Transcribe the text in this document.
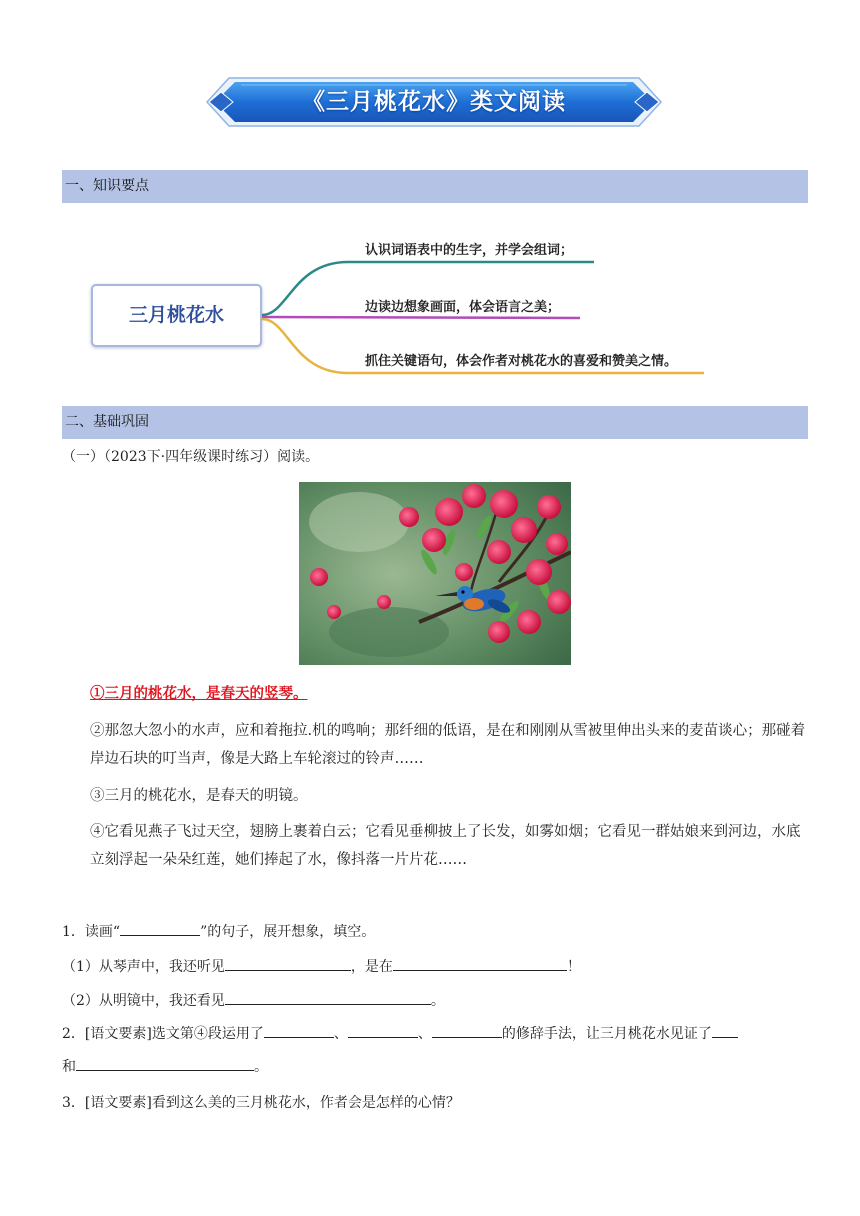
《三月桃花水》类文阅读
一、知识要点
三月桃花水
认识词语表中的生字，并学会组词；
边读边想象画面，体会语言之美；
抓住关键语句，体会作者对桃花水的喜爱和赞美之情。
二、基础巩固
（一）（2023下·四年级课时练习）阅读。
①三月的桃花水，是春天的竖琴。
②那忽大忽小的水声，应和着拖拉.机的鸣响；那纤细的低语，是在和刚刚从雪被里伸出头来的麦苗谈心；那碰着岸边石块的叮当声，像是大路上车轮滚过的铃声……
③三月的桃花水，是春天的明镜。
④它看见燕子飞过天空，翅膀上裹着白云；它看见垂柳披上了长发，如雾如烟；它看见一群姑娘来到河边，水底立刻浮起一朵朵红莲，她们捧起了水，像抖落一片片花……
1．读画“	”的句子，展开想象，填空。
（1）从琴声中，我还听见	，是在	！
（2）从明镜中，我还看见	。
2．[语文要素]选文第④段运用了	、	、	的修辞手法，让三月桃花水见证了
和	。
3．[语文要素]看到这么美的三月桃花水，作者会是怎样的心情？
